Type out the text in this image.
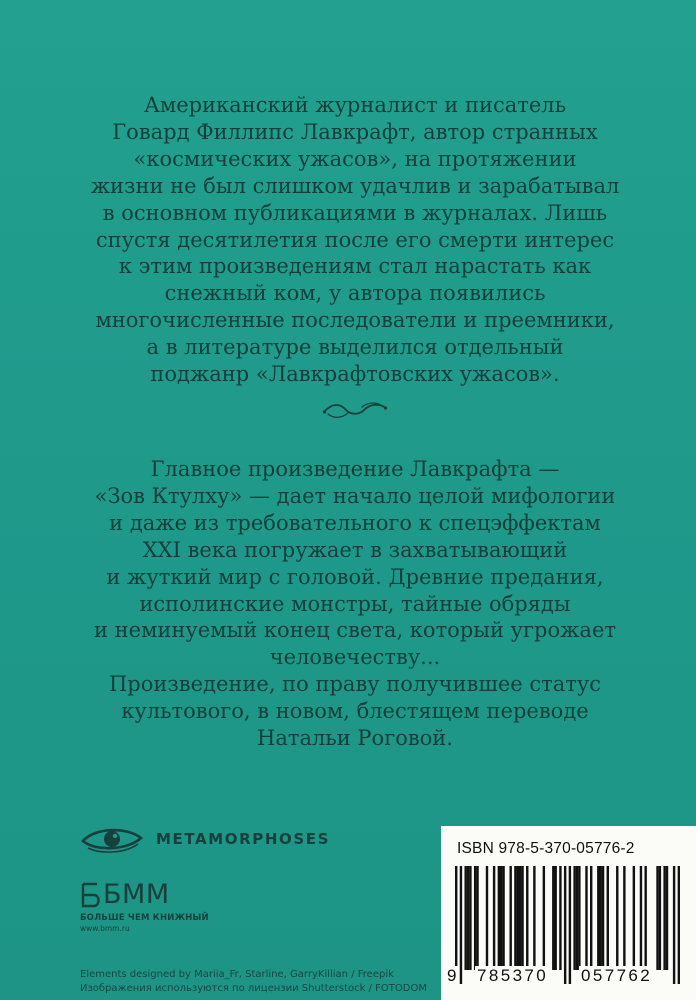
Американский журналист и писатель
Говард Филлипс Лавкрафт, автор странных
«космических ужасов», на протяжении
жизни не был слишком удачлив и зарабатывал
в основном публикациями в журналах. Лишь
спустя десятилетия после его смерти интерес
к этим произведениям стал нарастать как
снежный ком, у автора появились
многочисленные последователи и преемники,
а в литературе выделился отдельный
поджанр «Лавкрафтовских ужасов».
Главное произведение Лавкрафта —
«Зов Ктулху» — дает начало целой мифологии
и даже из требовательного к спецэффектам
XXI века погружает в захватывающий
и жуткий мир с головой. Древние предания,
исполинские монстры, тайные обряды
и неминуемый конец света, который угрожает
человечеству...
Произведение, по праву получившее статус
культового, в новом, блестящем переводе
Натальи Роговой.
METAMORPHOSES
БММ
БОЛЬШЕ ЧЕМ КНИЖНЫЙ
www.bmm.ru
Elements designed by Mariia_Fr, Starline, GarryKillian / Freepik
Изображения используются по лицензии Shutterstock / FOTODOM
ISBN 978-5-370-05776-2
9 785370 057762
